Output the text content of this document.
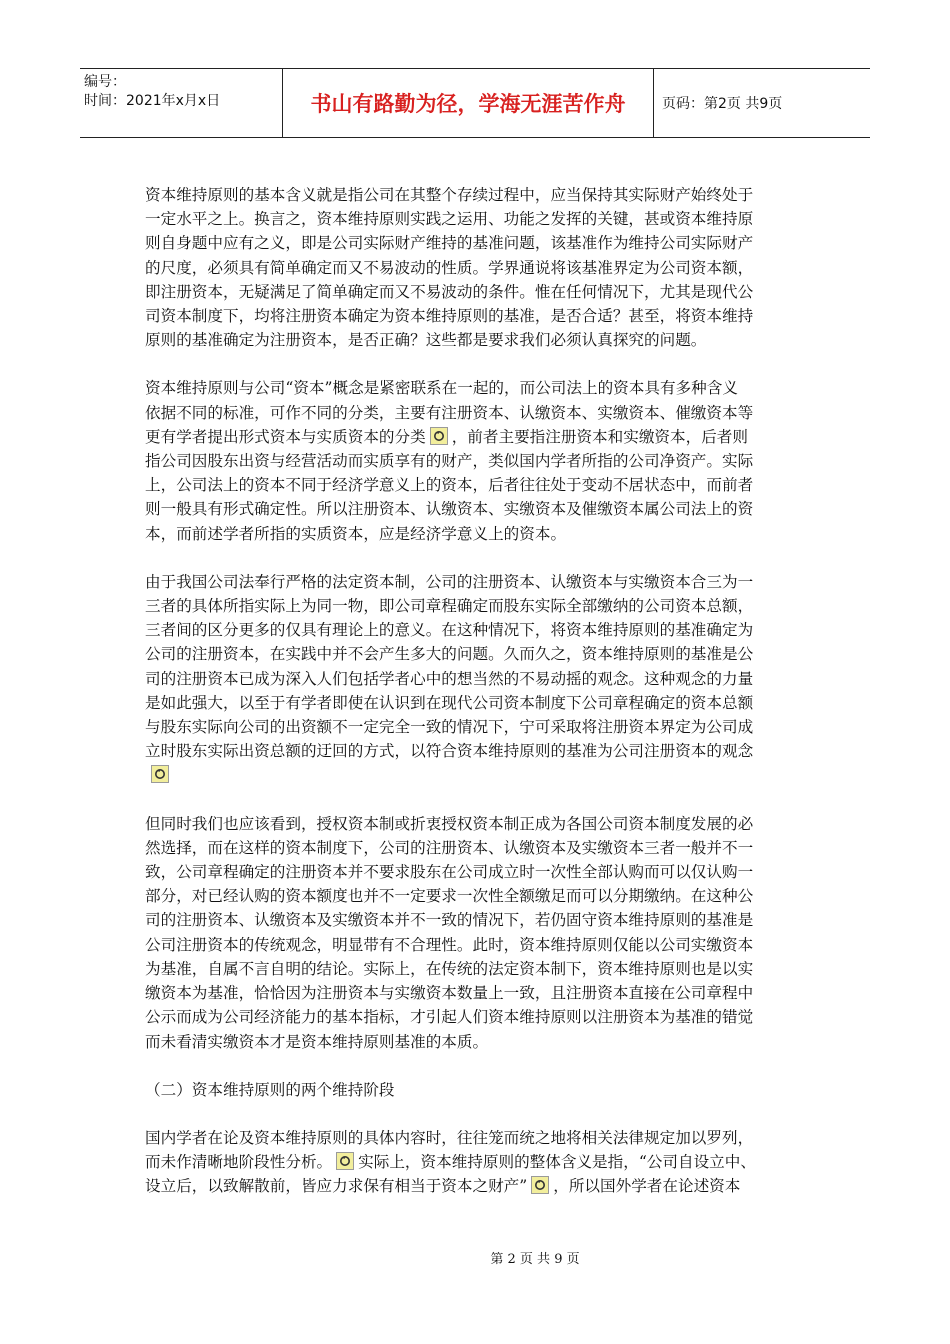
编号：
时间：2021年x月x日	书山有路勤为径，学海无涯苦作舟	页码：第2页 共9页

资本维持原则的基本含义就是指公司在其整个存续过程中，应当保持其实际财产始终处于
一定水平之上。换言之，资本维持原则实践之运用、功能之发挥的关键，甚或资本维持原
则自身题中应有之义，即是公司实际财产维持的基准问题，该基准作为维持公司实际财产
的尺度，必须具有简单确定而又不易波动的性质。学界通说将该基准界定为公司资本额，
即注册资本，无疑满足了简单确定而又不易波动的条件。惟在任何情况下，尤其是现代公
司资本制度下，均将注册资本确定为资本维持原则的基准，是否合适？甚至，将资本维持
原则的基准确定为注册资本，是否正确？这些都是要求我们必须认真探究的问题。

资本维持原则与公司“资本”概念是紧密联系在一起的，而公司法上的资本具有多种含义
依据不同的标准，可作不同的分类，主要有注册资本、认缴资本、实缴资本、催缴资本等
更有学者提出形式资本与实质资本的分类 ，前者主要指注册资本和实缴资本，后者则
指公司因股东出资与经营活动而实质享有的财产，类似国内学者所指的公司净资产。实际
上，公司法上的资本不同于经济学意义上的资本，后者往往处于变动不居状态中，而前者
则一般具有形式确定性。所以注册资本、认缴资本、实缴资本及催缴资本属公司法上的资
本，而前述学者所指的实质资本，应是经济学意义上的资本。

由于我国公司法奉行严格的法定资本制，公司的注册资本、认缴资本与实缴资本合三为一
三者的具体所指实际上为同一物，即公司章程确定而股东实际全部缴纳的公司资本总额，
三者间的区分更多的仅具有理论上的意义。在这种情况下，将资本维持原则的基准确定为
公司的注册资本，在实践中并不会产生多大的问题。久而久之，资本维持原则的基准是公
司的注册资本已成为深入人们包括学者心中的想当然的不易动摇的观念。这种观念的力量
是如此强大，以至于有学者即使在认识到在现代公司资本制度下公司章程确定的资本总额
与股东实际向公司的出资额不一定完全一致的情况下，宁可采取将注册资本界定为公司成
立时股东实际出资总额的迂回的方式，以符合资本维持原则的基准为公司注册资本的观念

但同时我们也应该看到，授权资本制或折衷授权资本制正成为各国公司资本制度发展的必
然选择，而在这样的资本制度下，公司的注册资本、认缴资本及实缴资本三者一般并不一
致，公司章程确定的注册资本并不要求股东在公司成立时一次性全部认购而可以仅认购一
部分，对已经认购的资本额度也并不一定要求一次性全额缴足而可以分期缴纳。在这种公
司的注册资本、认缴资本及实缴资本并不一致的情况下，若仍固守资本维持原则的基准是
公司注册资本的传统观念，明显带有不合理性。此时，资本维持原则仅能以公司实缴资本
为基准，自属不言自明的结论。实际上，在传统的法定资本制下，资本维持原则也是以实
缴资本为基准，恰恰因为注册资本与实缴资本数量上一致，且注册资本直接在公司章程中
公示而成为公司经济能力的基本指标，才引起人们资本维持原则以注册资本为基准的错觉
而未看清实缴资本才是资本维持原则基准的本质。

（二）资本维持原则的两个维持阶段

国内学者在论及资本维持原则的具体内容时，往往笼而统之地将相关法律规定加以罗列，
而未作清晰地阶段性分析。 实际上，资本维持原则的整体含义是指，“公司自设立中、
设立后，以致解散前，皆应力求保有相当于资本之财产” ，所以国外学者在论述资本

第 2 页 共 9 页
